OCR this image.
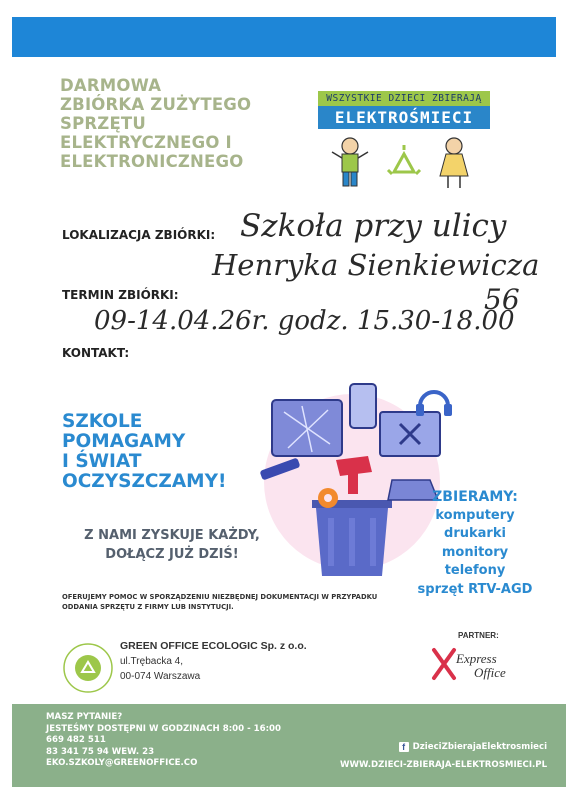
DARMOWA
ZBIÓRKA ZUŻYTEGO
SPRZĘTU
ELEKTRYCZNEGO I
ELEKTRONICZNEGO
WSZYSTKIE DZIECI ZBIERAJĄ
ELEKTROŚMIECI
LOKALIZACJA ZBIÓRKI: Szkoła przy ulicy
Henryka Sienkiewicza
56
TERMIN ZBIÓRKI:
09-14.04.26r. godz. 15.30-18.00
KONTAKT:
SZKOLE
POMAGAMY
I ŚWIAT
OCZYSZCZAMY!
Z NAMI ZYSKUJE KAŻDY,
DOŁĄCZ JUŻ DZIŚ!
ZBIERAMY:
komputery
drukarki
monitory
telefony
sprzęt RTV-AGD
OFERUJEMY POMOC W SPORZĄDZENIU NIEZBĘDNEJ DOKUMENTACJI W PRZYPADKU
ODDANIA SPRZĘTU Z FIRMY LUB INSTYTUCJI.
GREEN OFFICE ECOLOGIC Sp. z o.o.
ul.Trębacka 4,
00-074 Warszawa
PARTNER:
Express
Office
MASZ PYTANIE?
JESTEŚMY DOSTĘPNI W GODZINACH 8:00 - 16:00
669 482 511
83 341 75 94 WEW. 23
EKO.SZKOLY@GREENOFFICE.CO
f DzieciZbierajaElektrosmieci
WWW.DZIECI-ZBIERAJA-ELEKTROSMIECI.PL
